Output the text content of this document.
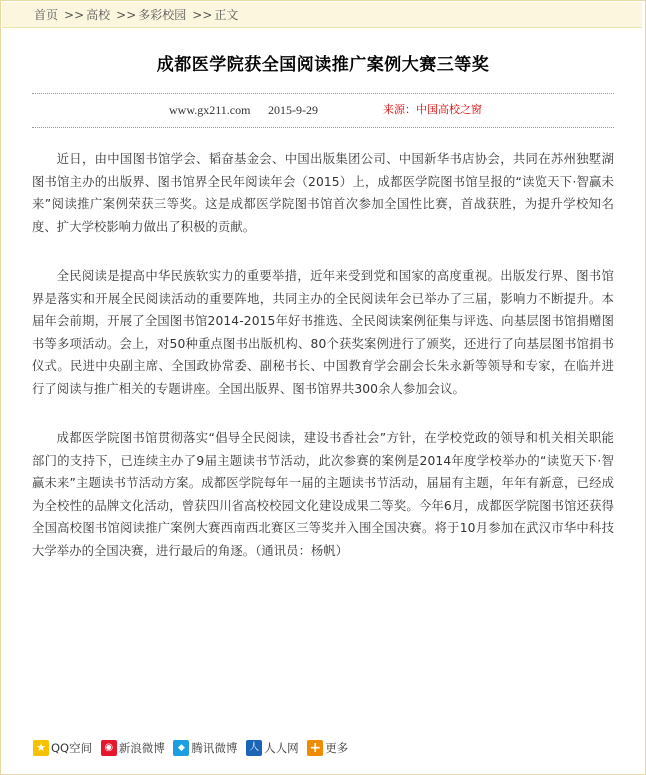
首页 >> 高校 >> 多彩校园 >> 正文
成都医学院获全国阅读推广案例大赛三等奖
www.gx211.com 2015-9-29	来源：中国高校之窗

近日，由中国图书馆学会、韬奋基金会、中国出版集团公司、中国新华书店协会，共同在苏州独墅湖图书馆主办的出版界、图书馆界全民年阅读年会（2015）上，成都医学院图书馆呈报的“读览天下·智赢未来”阅读推广案例荣获三等奖。这是成都医学院图书馆首次参加全国性比赛，首战获胜，为提升学校知名度、扩大学校影响力做出了积极的贡献。

全民阅读是提高中华民族软实力的重要举措，近年来受到党和国家的高度重视。出版发行界、图书馆界是落实和开展全民阅读活动的重要阵地，共同主办的全民阅读年会已举办了三届，影响力不断提升。本届年会前期，开展了全国图书馆2014-2015年好书推选、全民阅读案例征集与评选、向基层图书馆捐赠图书等多项活动。会上，对50种重点图书出版机构、80个获奖案例进行了颁奖，还进行了向基层图书馆捐书仪式。民进中央副主席、全国政协常委、副秘书长、中国教育学会副会长朱永新等领导和专家，在临并进行了阅读与推广相关的专题讲座。全国出版界、图书馆界共300余人参加会议。

成都医学院图书馆贯彻落实“倡导全民阅读，建设书香社会”方针，在学校党政的领导和机关相关职能部门的支持下，已连续主办了9届主题读书节活动，此次参赛的案例是2014年度学校举办的“读览天下·智赢未来”主题读书节活动方案。成都医学院每年一届的主题读书节活动，届届有主题，年年有新意，已经成为全校性的品牌文化活动，曾获四川省高校校园文化建设成果二等奖。今年6月，成都医学院图书馆还获得全国高校图书馆阅读推广案例大赛西南西北赛区三等奖并入围全国决赛。将于10月参加在武汉市华中科技大学举办的全国决赛，进行最后的角逐。（通讯员：杨帆）

★
QQ空间
◉ 新浪微博
◆ 腾讯微博
人 人人网
+ 更多
